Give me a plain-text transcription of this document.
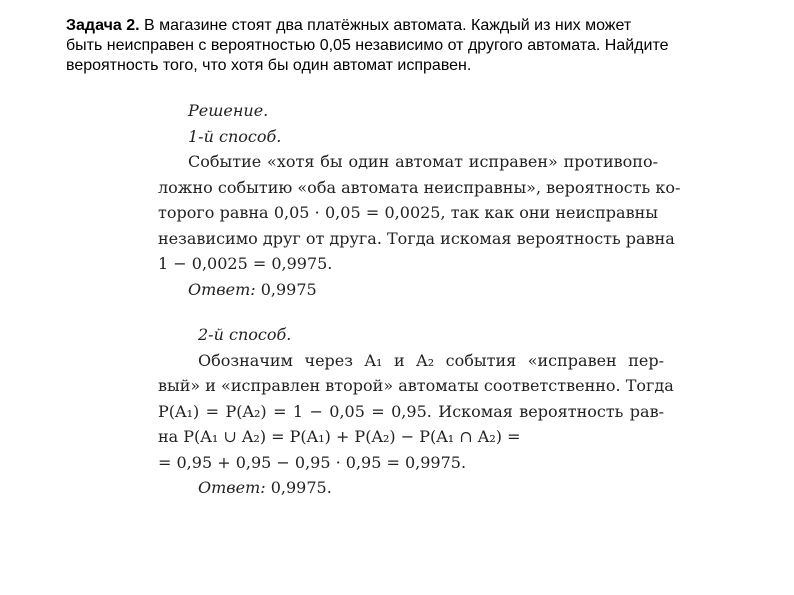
Задача 2. В магазине стоят два платёжных автомата. Каждый из них может
быть неисправен с вероятностью 0,05 независимо от другого автомата. Найдите
вероятность того, что хотя бы один автомат исправен.
Решение.
1-й способ.
Событие «хотя бы один автомат исправен» противопо-
ложно событию «оба автомата неисправны», вероятность ко-
торого равна 0,05 · 0,05 = 0,0025, так как они неисправны
независимо друг от друга. Тогда искомая вероятность равна
1 − 0,0025 = 0,9975.
Ответ: 0,9975
2-й способ.
Обозначим через A₁ и A₂ события «исправен пер-
вый» и «исправлен второй» автоматы соответственно. Тогда
P(A₁) = P(A₂) = 1 − 0,05 = 0,95. Искомая вероятность рав-
на P(A₁ ∪ A₂) = P(A₁) + P(A₂) − P(A₁ ∩ A₂) =
= 0,95 + 0,95 − 0,95 · 0,95 = 0,9975.
Ответ: 0,9975.
